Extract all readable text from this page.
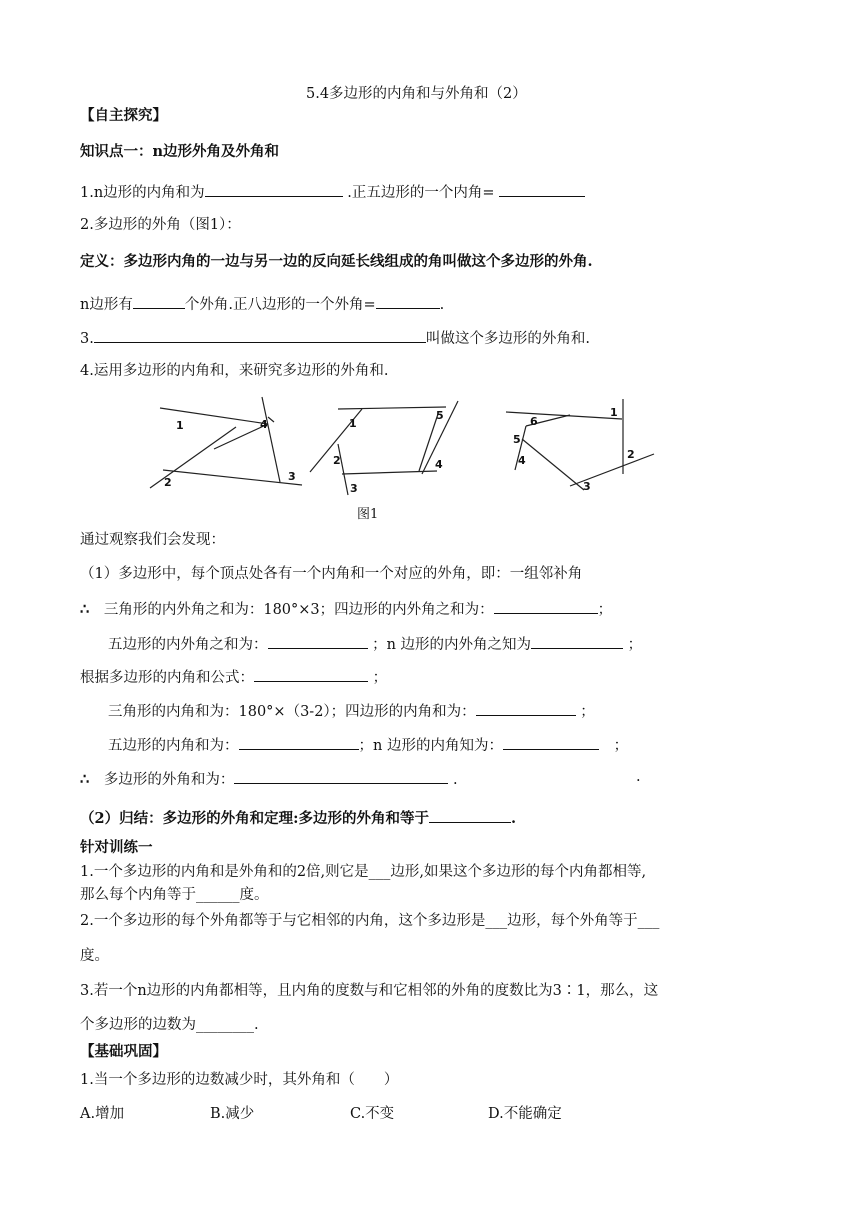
5.4多边形的内角和与外角和（2）
【自主探究】
知识点一：n边形外角及外角和
1.n边形的内角和为	.正五边形的一个内角=
2.多边形的外角（图1）：
定义：多边形内角的一边与另一边的反向延长线组成的角叫做这个多边形的外角.
n边形有	个外角.正八边形的一个外角=	.
3.	叫做这个多边形的外角和.
4.运用多边形的内角和，来研究多边形的外角和.
1	4
2	3
1
5
2	4
3
6
1
5
4	2
3
图1
通过观察我们会发现：
（1）多边形中，每个顶点处各有一个内角和一个对应的外角，即：一组邻补角
∴ 三角形的内外角之和为：180°×3；四边形的内外角之和为：	；
五边形的内外角之和为：	；n 边形的内外角之知为	；
根据多边形的内角和公式：	；
三角形的内角和为：180°×（3-2）；四边形的内角和为：	；
五边形的内角和为：	；n 边形的内角知为：	；
∴ 多边形的外角和为：	.	.
（2）归结：多边形的外角和定理:多边形的外角和等于	.
针对训练一
1.一个多边形的内角和是外角和的2倍,则它是___边形,如果这个多边形的每个内角都相等,
那么每个内角等于______度。
2.一个多边形的每个外角都等于与它相邻的内角，这个多边形是___边形，每个外角等于___
度。
3.若一个n边形的内角都相等，且内角的度数与和它相邻的外角的度数比为3∶1，那么，这
个多边形的边数为________.
【基础巩固】
1.当一个多边形的边数减少时，其外角和（　　）
A.增加	B.减少	C.不变	D.不能确定
